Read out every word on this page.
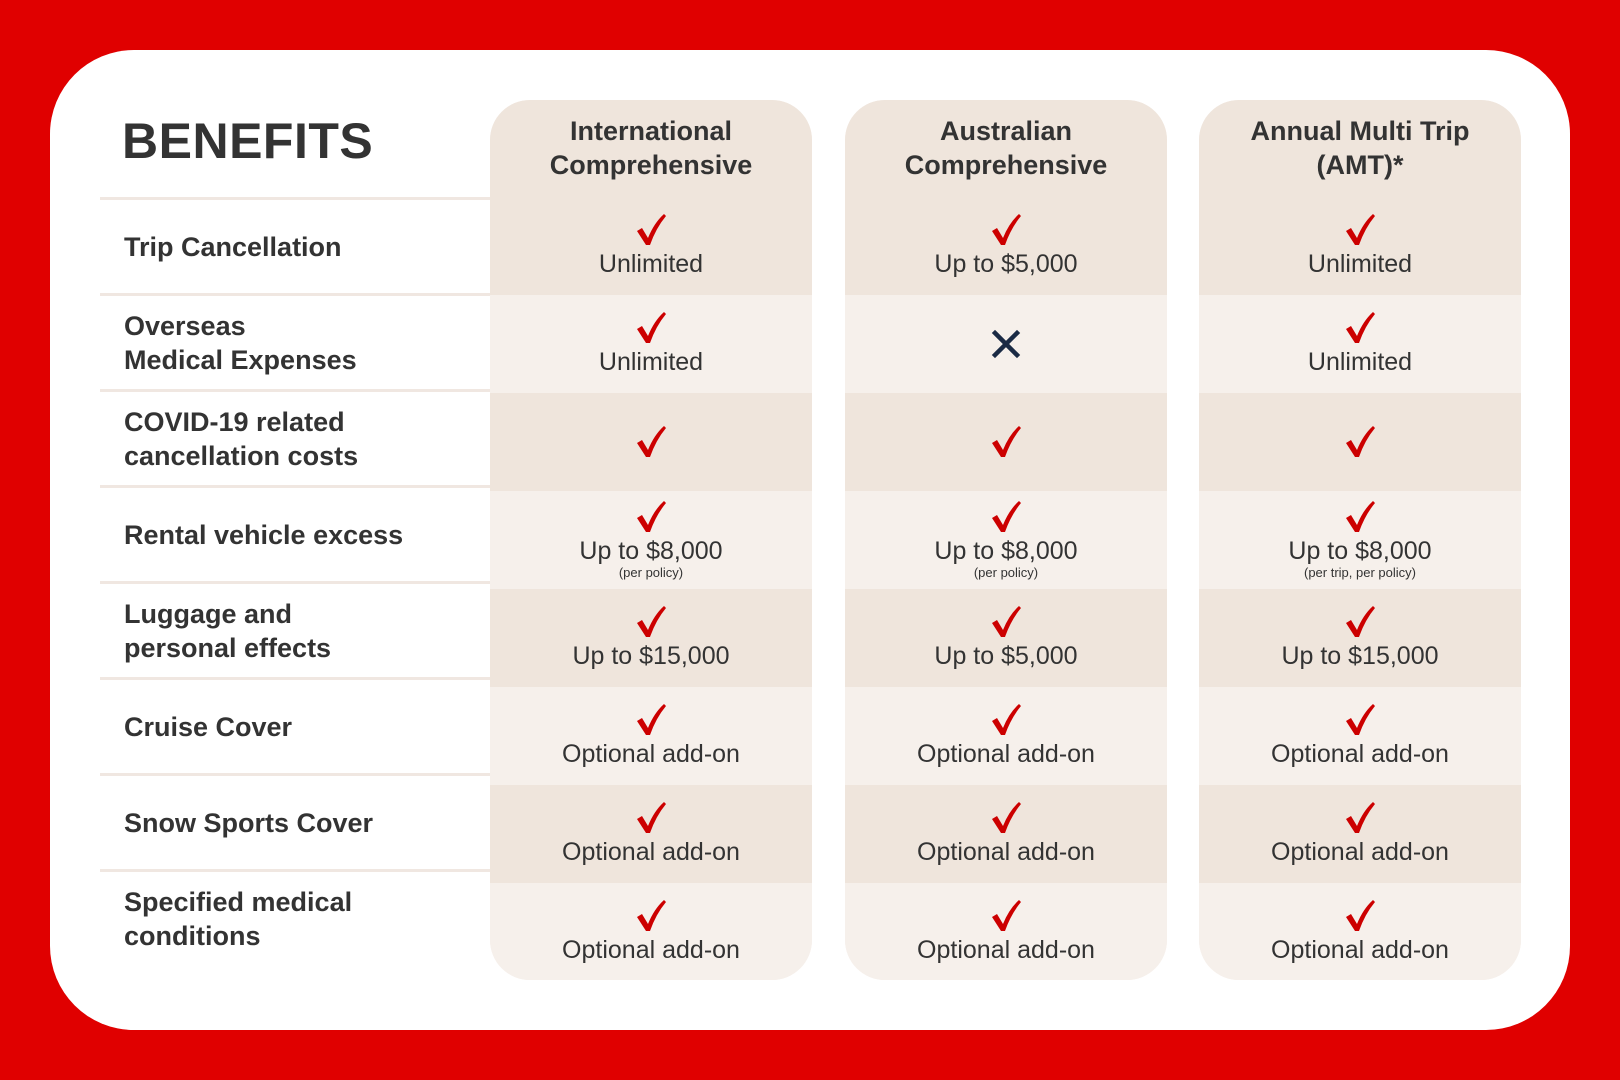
BENEFITS
Trip Cancellation
Overseas
Medical Expenses
COVID-19 related
cancellation costs
Rental vehicle excess
Luggage and
personal effects
Cruise Cover
Snow Sports Cover
Specified medical
conditions
International
Comprehensive
Unlimited
Unlimited
Up to $8,000
(per policy)
Up to $15,000
Optional add-on
Optional add-on
Optional add-on
Australian
Comprehensive
Up to $5,000
Up to $8,000
(per policy)
Up to $5,000
Optional add-on
Optional add-on
Optional add-on
Annual Multi Trip
(AMT)*
Unlimited
Unlimited
Up to $8,000
(per trip, per policy)
Up to $15,000
Optional add-on
Optional add-on
Optional add-on
